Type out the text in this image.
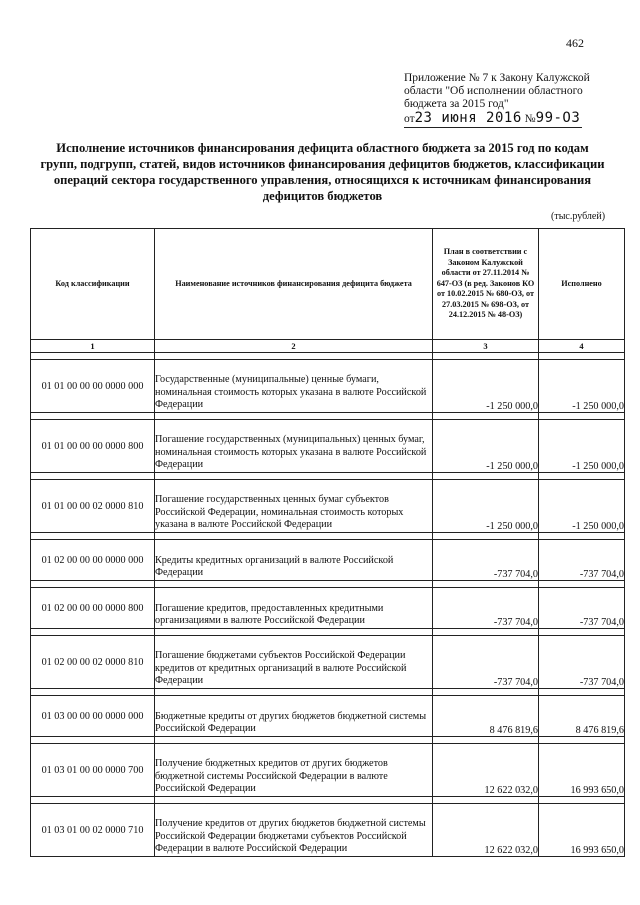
462
Приложение № 7 к Закону Калужской
области "Об исполнении областного
бюджета за 2015 год"
от23 июня 2016 №99-ОЗ
Исполнение источников финансирования дефицита областного бюджета за 2015 год по кодам групп, подгрупп, статей, видов источников финансирования дефицитов бюджетов, классификации операций сектора государственного управления, относящихся к источникам финансирования дефицитов бюджетов
(тыс.рублей)
Код классификации	Наименование источников финансирования дефицита бюджета	План в соответствии с Законом Калужской области от 27.11.2014 № 647-ОЗ (в ред. Законов КО от 10.02.2015 № 680-ОЗ, от 27.03.2015 № 698-ОЗ, от 24.12.2015 № 48-ОЗ)	Исполнено
1	2	3	4

01 01 00 00 00 0000 000	Государственные (муниципальные) ценные бумаги, номинальная стоимость которых указана в валюте Российской Федерации	-1 250 000,0	-1 250 000,0

01 01 00 00 00 0000 800	Погашение государственных (муниципальных) ценных бумаг, номинальная стоимость которых указана в валюте Российской Федерации	-1 250 000,0	-1 250 000,0

01 01 00 00 02 0000 810	Погашение государственных ценных бумаг субъектов Российской Федерации, номинальная стоимость которых указана в валюте Российской Федерации	-1 250 000,0	-1 250 000,0

01 02 00 00 00 0000 000	Кредиты кредитных организаций в валюте Российской Федерации	-737 704,0	-737 704,0

01 02 00 00 00 0000 800	Погашение кредитов, предоставленных кредитными организациями в валюте Российской Федерации	-737 704,0	-737 704,0

01 02 00 00 02 0000 810	Погашение бюджетами субъектов Российской Федерации кредитов от кредитных организаций в валюте Российской Федерации	-737 704,0	-737 704,0

01 03 00 00 00 0000 000	Бюджетные кредиты от других бюджетов бюджетной системы Российской Федерации	8 476 819,6	8 476 819,6

01 03 01 00 00 0000 700	Получение бюджетных кредитов от других бюджетов бюджетной системы Российской Федерации в валюте Российской Федерации	12 622 032,0	16 993 650,0

01 03 01 00 02 0000 710	Получение кредитов от других бюджетов бюджетной системы Российской Федерации бюджетами субъектов Российской Федерации в валюте Российской Федерации	12 622 032,0	16 993 650,0
